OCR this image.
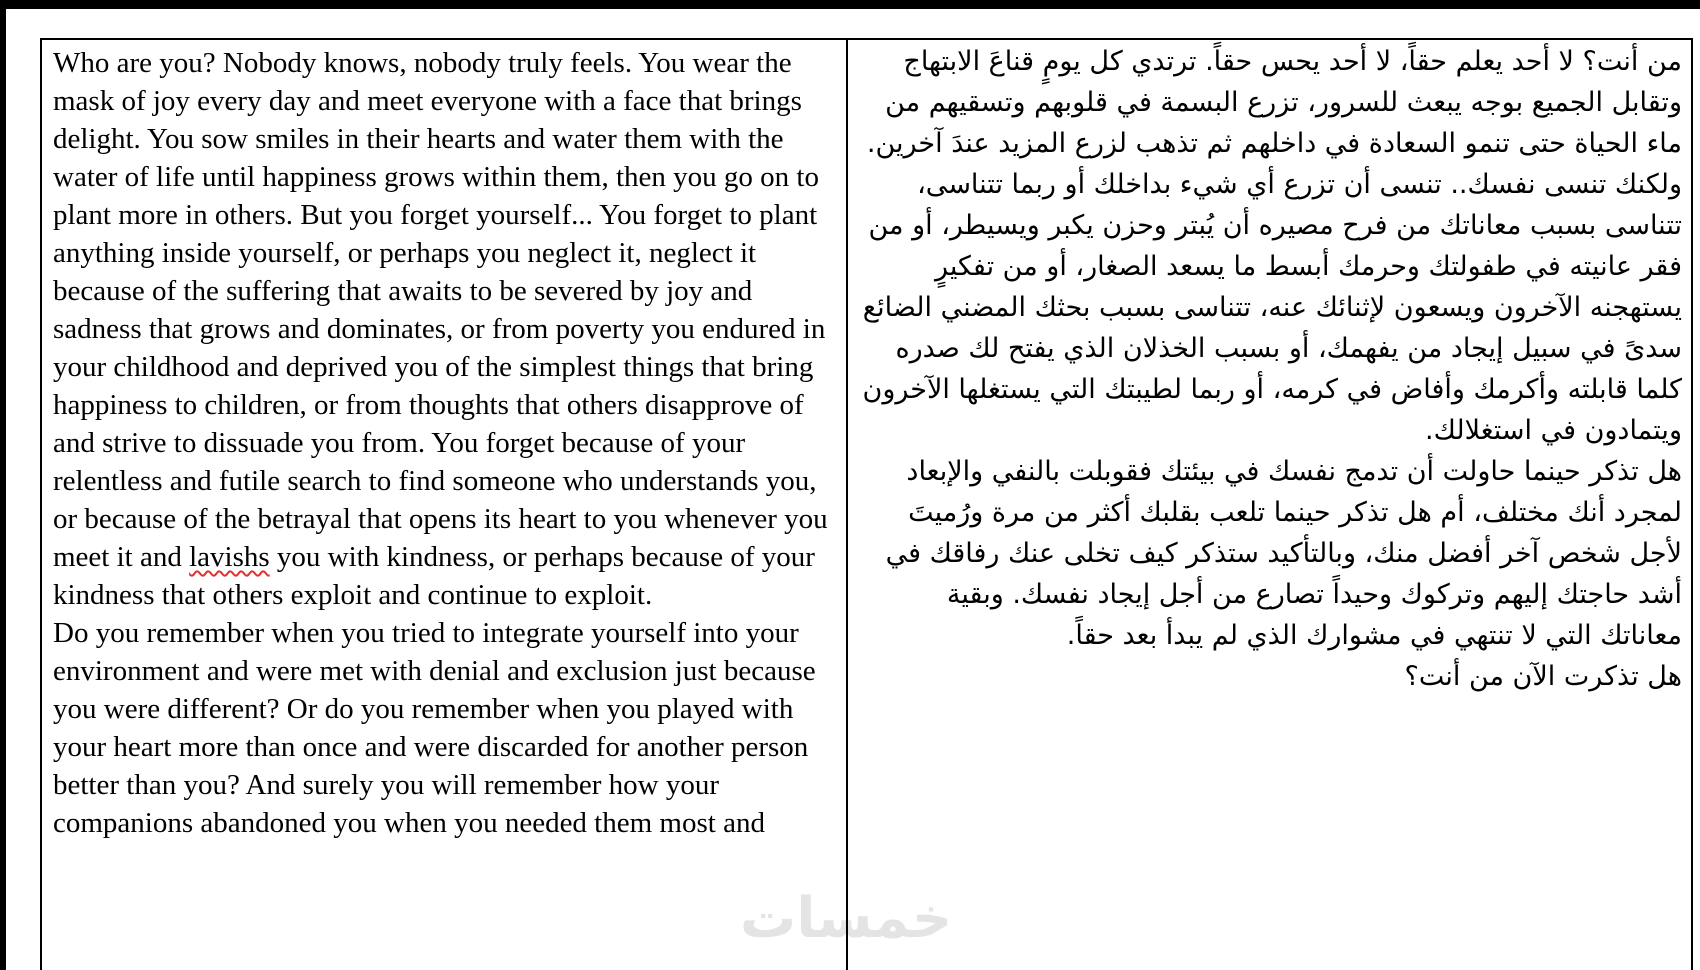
خمسات

Who are you? Nobody knows, nobody truly feels. You wear the mask of joy every day and meet everyone with a face that brings delight. You sow smiles in their hearts and water them with the water of life until happiness grows within them, then you go on to plant more in others. But you forget yourself... You forget to plant anything inside yourself, or perhaps you neglect it, neglect it because of the suffering that awaits to be severed by joy and sadness that grows and dominates, or from poverty you endured in your childhood and deprived you of the simplest things that bring happiness to children, or from thoughts that others disapprove of and strive to dissuade you from. You forget because of your relentless and futile search to find someone who understands you, or because of the betrayal that opens its heart to you whenever you meet it and lavishs you with kindness, or perhaps because of your kindness that others exploit and continue to exploit.

Do you remember when you tried to integrate yourself into your environment and were met with denial and exclusion just because you were different? Or do you remember when you played with your heart more than once and were discarded for another person better than you? And surely you will remember how your companions abandoned you when you needed them most and

من أنت؟ لا أحد يعلم حقاً، لا أحد يحس حقاً. ترتدي كل يومٍ قناعَ الابتهاج وتقابل الجميع بوجه يبعث للسرور، تزرع البسمة في قلوبهم وتسقيهم من ماء الحياة حتى تنمو السعادة في داخلهم ثم تذهب لزرع المزيد عندَ آخرين. ولكنك تنسى نفسك.. تنسى أن تزرع أي شيء بداخلك أو ربما تتناسى، تتناسى بسبب معاناتك من فرح مصيره أن يُبتر وحزن يكبر ويسيطر، أو من فقر عانيته في طفولتك وحرمك أبسط ما يسعد الصغار، أو من تفكيرٍ يستهجنه الآخرون ويسعون لإثنائك عنه، تتناسى بسبب بحثك المضني الضائع سدىً في سبيل إيجاد من يفهمك، أو بسبب الخذلان الذي يفتح لك صدره كلما قابلته وأكرمك وأفاض في كرمه، أو ربما لطيبتك التي يستغلها الآخرون ويتمادون في استغلالك.

هل تذكر حينما حاولت أن تدمج نفسك في بيئتك فقوبلت بالنفي والإبعاد لمجرد أنك مختلف، أم هل تذكر حينما تلعب بقلبك أكثر من مرة ورُميتَ لأجل شخص آخر أفضل منك، وبالتأكيد ستذكر كيف تخلى عنك رفاقك في أشد حاجتك إليهم وتركوك وحيداً تصارع من أجل إيجاد نفسك. وبقية معاناتك التي لا تنتهي في مشوارك الذي لم يبدأ بعد حقاً.

هل تذكرت الآن من أنت؟
